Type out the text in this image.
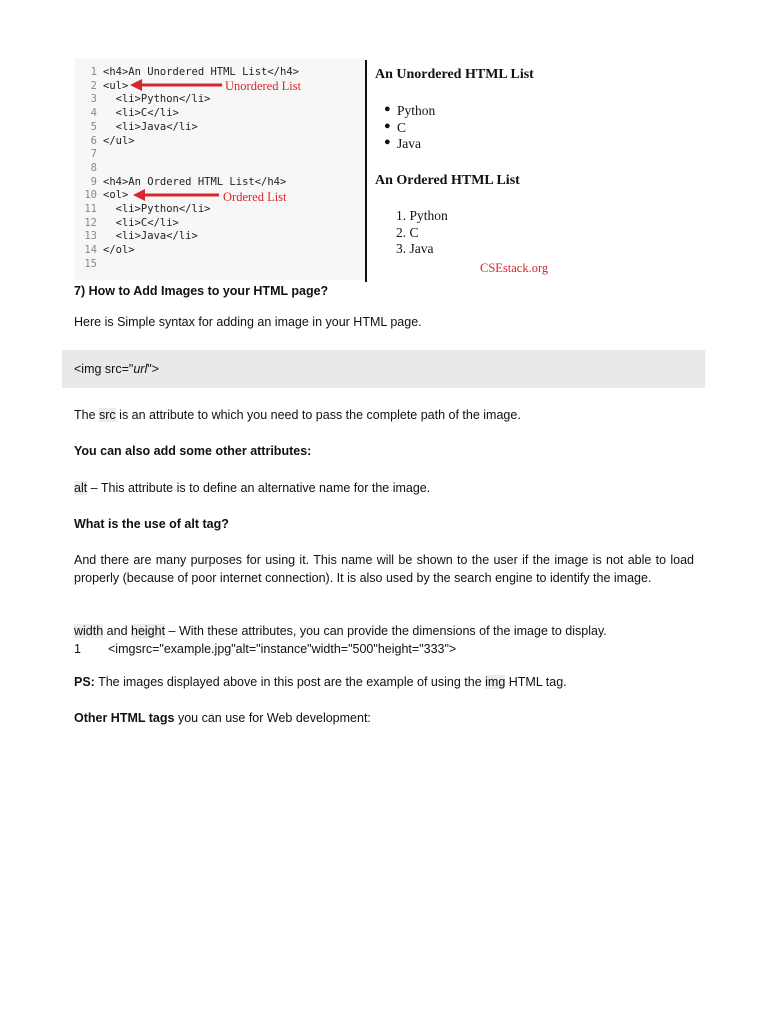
1 <h4>An Unordered HTML List</h4>
2 <ul>
3  <li>Python</li>
4  <li>C</li>
5  <li>Java</li>
6 </ul>
7
8
9 <h4>An Ordered HTML List</h4>
10 <ol>
11  <li>Python</li>
12  <li>C</li>
13  <li>Java</li>
14 </ol>
15
Unordered List
Ordered List
An Unordered HTML List
● Python
● C
● Java
An Ordered HTML List
1. Python
2. C
3. Java
CSEstack.org
7) How to Add Images to your HTML page?
Here is Simple syntax for adding an image in your HTML page.
<img src="url">
The src is an attribute to which you need to pass the complete path of the image.
You can also add some other attributes:
alt – This attribute is to define an alternative name for the image.
What is the use of alt tag?
And there are many purposes for using it. This name will be shown to the user if the image is not able to load properly (because of poor internet connection). It is also used by the search engine to identify the image.
width and height – With these attributes, you can provide the dimensions of the image to display.
1 <imgsrc="example.jpg"alt="instance"width="500"height="333">
PS: The images displayed above in this post are the example of using the img HTML tag.
Other HTML tags you can use for Web development:
